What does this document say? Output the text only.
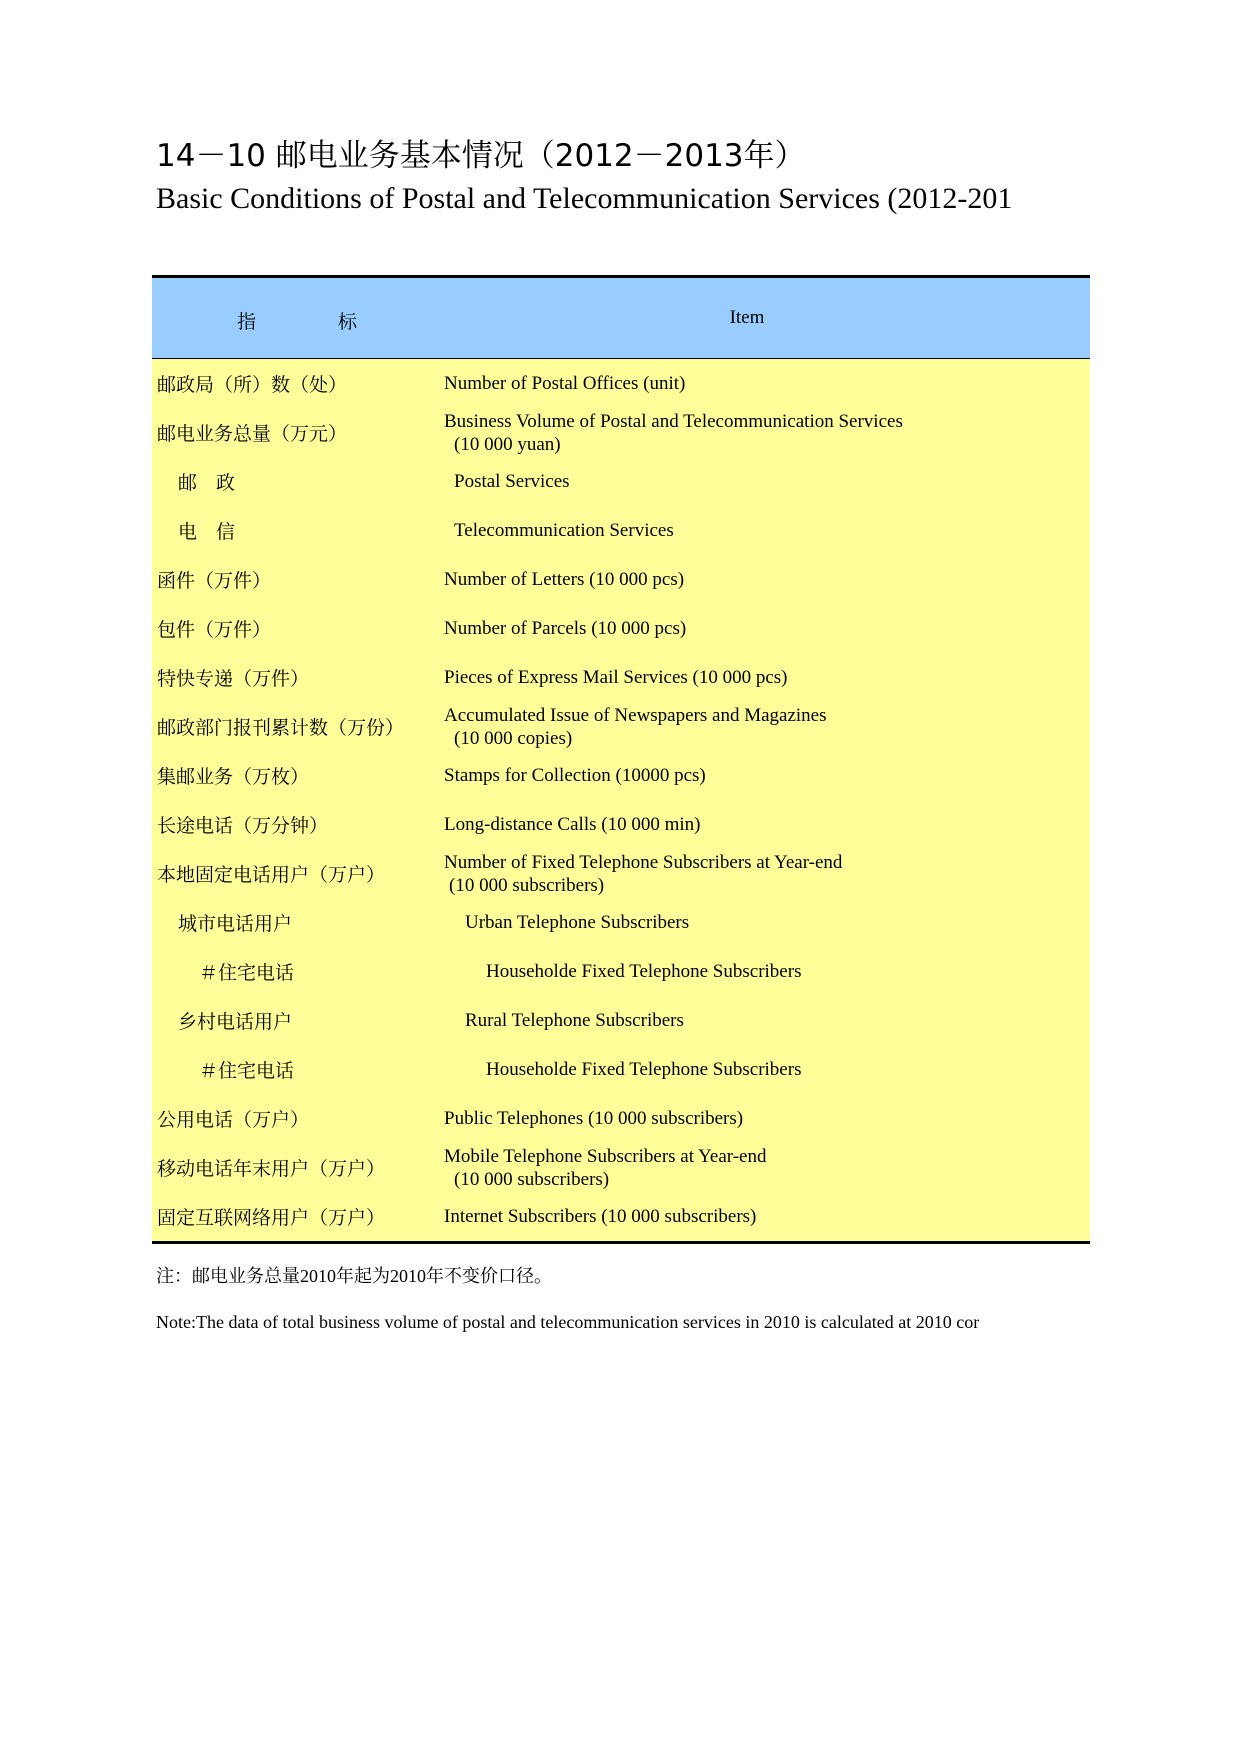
14－10 邮电业务基本情况（2012－2013年）
Basic Conditions of Postal and Telecommunication Services (2012-201
指	标	Item
邮政局（所）数（处）	Number of Postal Offices (unit)
邮电业务总量（万元）
Business Volume of Postal and Telecommunication Services
(10 000 yuan)
邮　政	Postal Services
电　信	Telecommunication Services
函件（万件）	Number of Letters (10 000 pcs)
包件（万件）	Number of Parcels (10 000 pcs)
特快专递（万件）	Pieces of Express Mail Services (10 000 pcs)
邮政部门报刊累计数（万份）
Accumulated Issue of Newspapers and Magazines
(10 000 copies)
集邮业务（万枚）	Stamps for Collection (10000 pcs)
长途电话（万分钟）	Long-distance Calls (10 000 min)
本地固定电话用户（万户）
Number of Fixed Telephone Subscribers at Year-end
(10 000 subscribers)
城市电话用户	Urban Telephone Subscribers
＃住宅电话	Householde Fixed Telephone Subscribers
乡村电话用户	Rural Telephone Subscribers
＃住宅电话	Householde Fixed Telephone Subscribers
公用电话（万户）	Public Telephones (10 000 subscribers)
移动电话年末用户（万户）
Mobile Telephone Subscribers at Year-end
(10 000 subscribers)
固定互联网络用户（万户）	Internet Subscribers (10 000 subscribers)
注：邮电业务总量2010年起为2010年不变价口径。
Note:The data of total business volume of postal and telecommunication services in 2010 is calculated at 2010 cor
